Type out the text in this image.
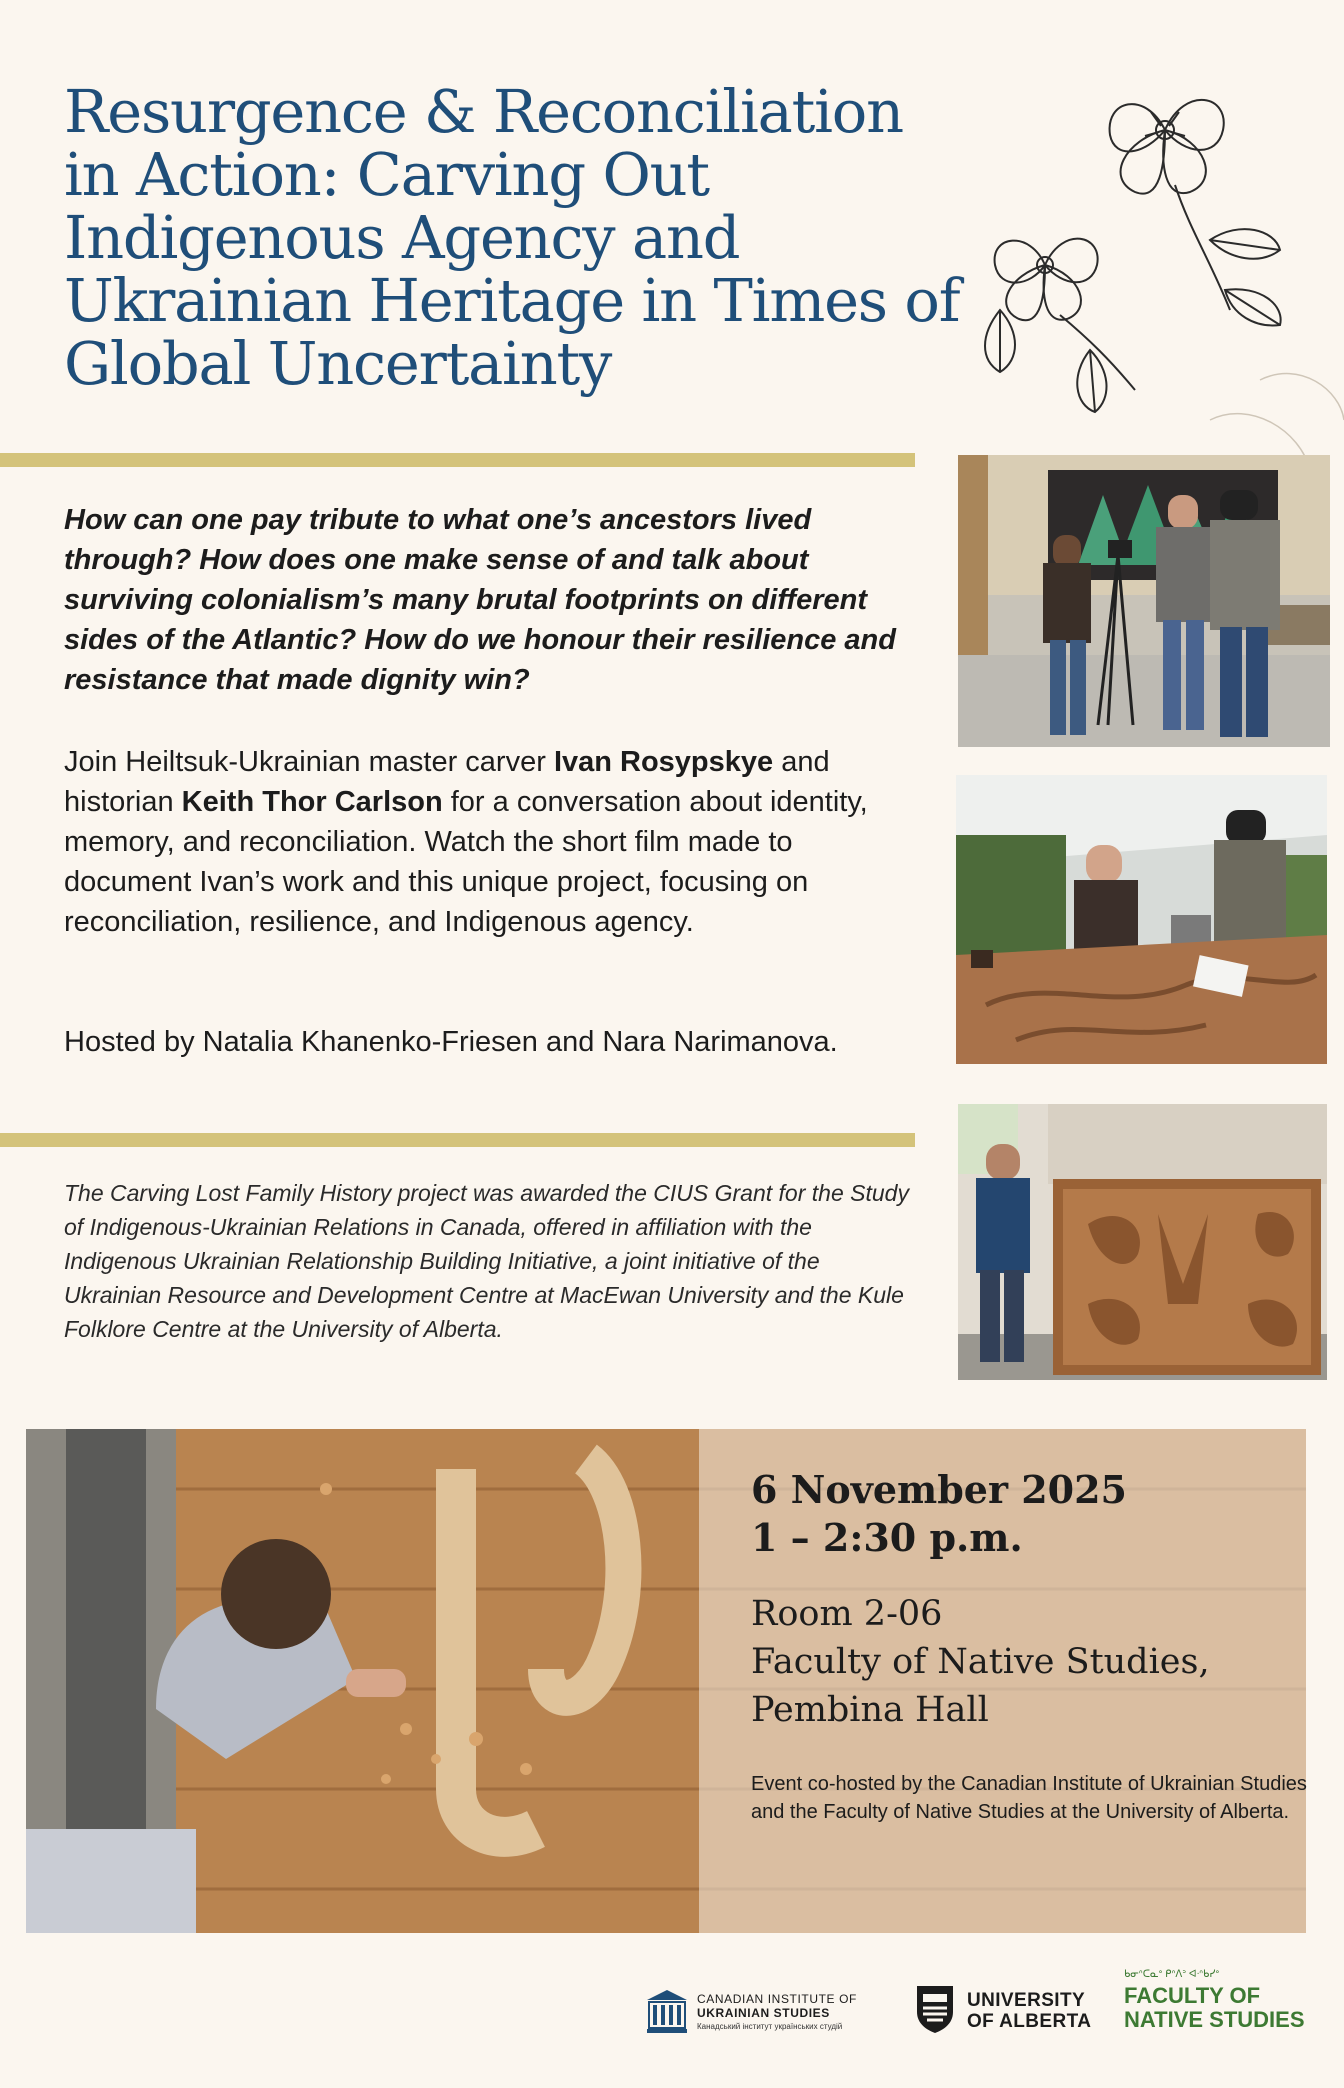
Resurgence & Reconciliation in Action: Carving Out Indigenous Agency and Ukrainian Heritage in Times of Global Uncertainty

How can one pay tribute to what one’s ancestors lived through? How does one make sense of and talk about surviving colonialism’s many brutal footprints on different sides of the Atlantic? How do we honour their resilience and resistance that made dignity win?

Join Heiltsuk-Ukrainian master carver Ivan Rosypskye and historian Keith Thor Carlson for a conversation about identity, memory, and reconciliation. Watch the short film made to document Ivan’s work and this unique project, focusing on reconciliation, resilience, and Indigenous agency.

Hosted by Natalia Khanenko-Friesen and Nara Narimanova.

The Carving Lost Family History project was awarded the CIUS Grant for the Study of Indigenous-Ukrainian Relations in Canada, offered in affiliation with the Indigenous Ukrainian Relationship Building Initiative, a joint initiative of the Ukrainian Resource and Development Centre at MacEwan University and the Kule Folklore Centre at the University of Alberta.

6 November 2025
1 – 2:30 p.m.

Room 2-06
Faculty of Native Studies,
Pembina Hall

Event co-hosted by the Canadian Institute of Ukrainian Studies and the Faculty of Native Studies at the University of Alberta.

CANADIAN INSTITUTE OF

UKRAINIAN STUDIES

Канадський інститут українських студій

UNIVERSITY

OF ALBERTA

ᑲᓂᐢᑕᓇᐤ ᑭᐢᐱᐣ ᐊᐧᐢᑲᓯᐤ

FACULTY OF

NATIVE STUDIES
